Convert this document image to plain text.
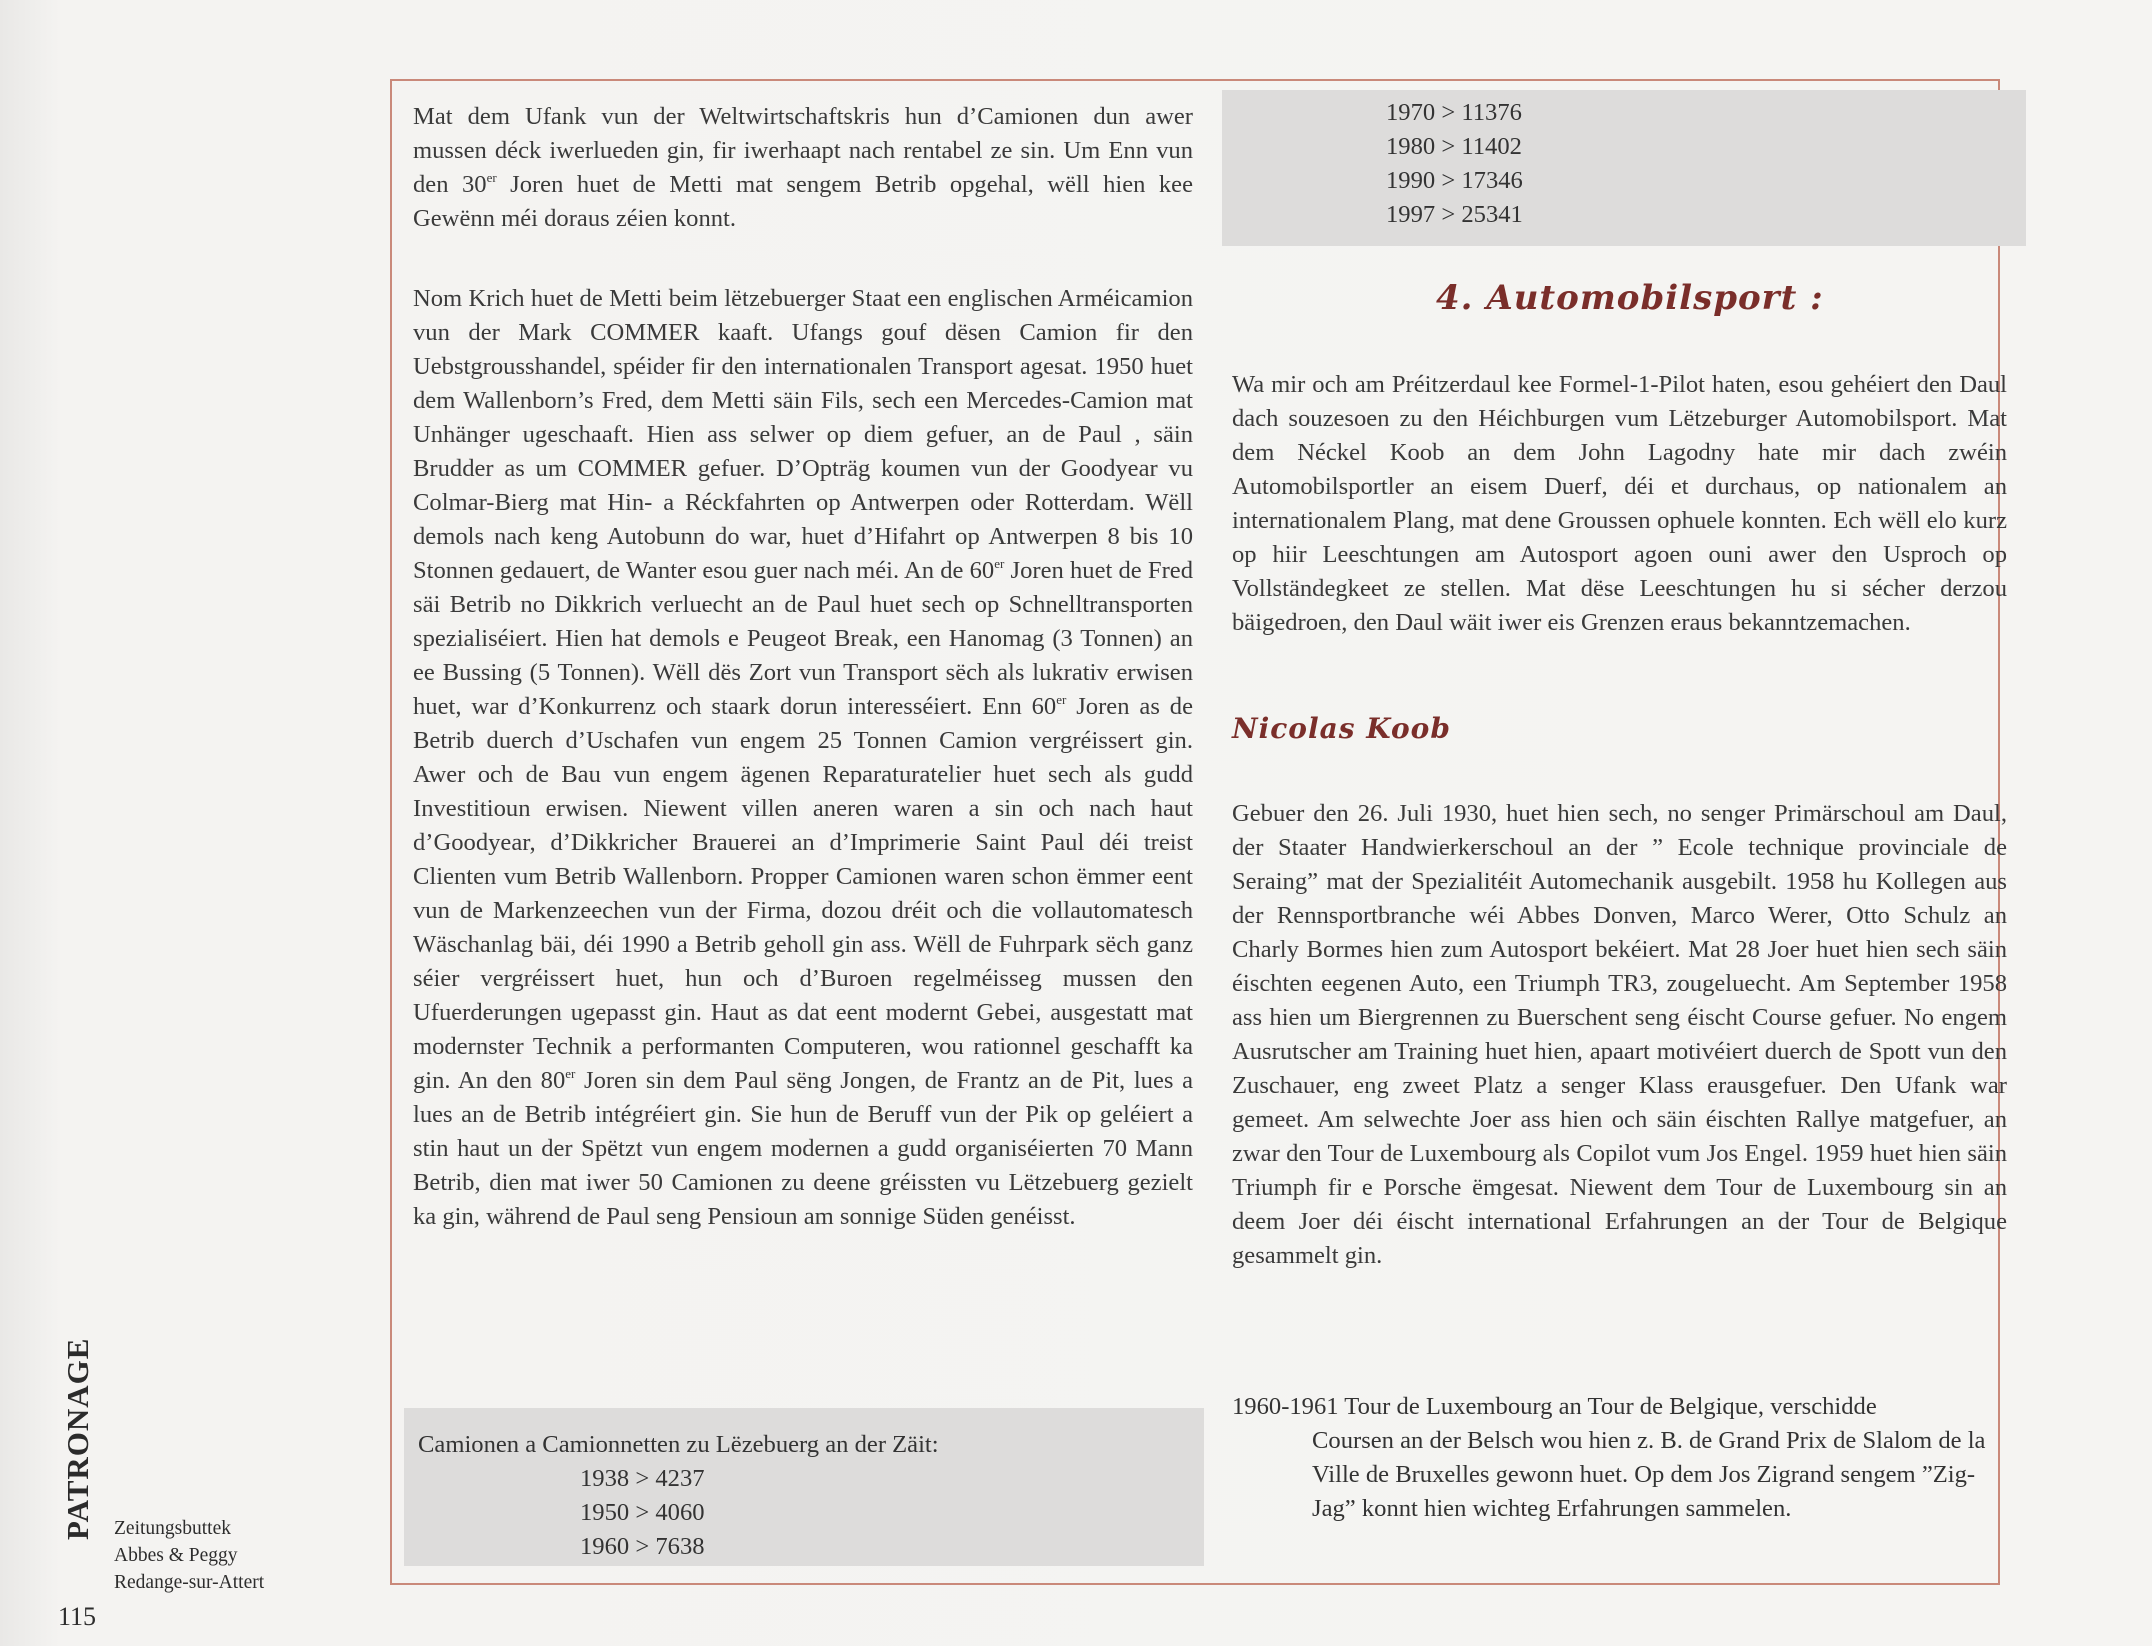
Mat dem Ufank vun der Weltwirtschaftskris hun d’Camionen dun awer mussen déck iwerlueden gin, fir iwerhaapt nach rentabel ze sin. Um Enn vun den 30er Joren huet de Metti mat sengem Betrib opgehal, wëll hien kee Gewënn méi doraus zéien konnt.

Nom Krich huet de Metti beim lëtzebuerger Staat een englischen Arméicamion vun der Mark COMMER kaaft. Ufangs gouf dësen Camion fir den Uebstgrousshandel, spéider fir den internationalen Transport agesat. 1950 huet dem Wallenborn’s Fred, dem Metti säin Fils, sech een Mercedes-Camion mat Unhänger ugeschaaft. Hien ass selwer op diem gefuer, an de Paul , säin Brudder as um COMMER gefuer. D’Opträg koumen vun der Goodyear vu Colmar-Bierg mat Hin- a Réckfahrten op Antwerpen oder Rotterdam. Wëll demols nach keng Autobunn do war, huet d’Hifahrt op Antwerpen 8 bis 10 Stonnen gedauert, de Wanter esou guer nach méi. An de 60er Joren huet de Fred säi Betrib no Dikkrich verluecht an de Paul huet sech op Schnelltransporten spezialiséiert. Hien hat demols e Peugeot Break, een Hanomag (3 Tonnen) an ee Bussing (5 Tonnen). Wëll dës Zort vun Transport sëch als lukrativ erwisen huet, war d’Konkurrenz och staark dorun interesséiert. Enn 60er Joren as de Betrib duerch d’Uschafen vun engem 25 Tonnen Camion vergréissert gin. Awer och de Bau vun engem ägenen Reparaturatelier huet sech als gudd Investitioun erwisen. Niewent villen aneren waren a sin och nach haut d’Goodyear, d’Dikkricher Brauerei an d’Imprimerie Saint Paul déi treist Clienten vum Betrib Wallenborn. Propper Camionen waren schon ëmmer eent vun de Markenzeechen vun der Firma, dozou dréit och die vollautomatesch Wäschanlag bäi, déi 1990 a Betrib geholl gin ass. Wëll de Fuhrpark sëch ganz séier vergréissert huet, hun och d’Buroen regelméisseg mussen den Ufuerderungen ugepasst gin. Haut as dat eent modernt Gebei, ausgestatt mat modernster Technik a performanten Computeren, wou rationnel geschafft ka gin. An den 80er Joren sin dem Paul sëng Jongen, de Frantz an de Pit, lues a lues an de Betrib intégréiert gin. Sie hun de Beruff vun der Pik op geléiert a stin haut un der Spëtzt vun engem modernen a gudd organiséierten 70 Mann Betrib, dien mat iwer 50 Camionen zu deene gréissten vu Lëtzebuerg gezielt ka gin, während de Paul seng Pensioun am sonnige Süden genéisst.

Camionen a Camionnetten zu Lëzebuerg an der Zäit:

1938 > 4237

1950 > 4060

1960 > 7638

1970 > 11376

1980 > 11402

1990 > 17346

1997 > 25341

4. Automobilsport :

Wa mir och am Préitzerdaul kee Formel-1-Pilot haten, esou gehéiert den Daul dach souzesoen zu den Héichburgen vum Lëtzeburger Automobilsport. Mat dem Néckel Koob an dem John Lagodny hate mir dach zwéin Automobilsportler an eisem Duerf, déi et durchaus, op nationalem an internationalem Plang, mat dene Groussen ophuele konnten. Ech wëll elo kurz op hiir Leeschtungen am Autosport agoen ouni awer den Usproch op Vollständegkeet ze stellen. Mat dëse Leeschtungen hu si sécher derzou bäigedroen, den Daul wäit iwer eis Grenzen eraus bekanntzemachen.

Nicolas Koob

Gebuer den 26. Juli 1930, huet hien sech, no senger Primärschoul am Daul, der Staater Handwierkerschoul an der ” Ecole technique provinciale de Seraing” mat der Spezialitéit Automechanik ausgebilt. 1958 hu Kollegen aus der Rennsportbranche wéi Abbes Donven, Marco Werer, Otto Schulz an Charly Bormes hien zum Autosport bekéiert. Mat 28 Joer huet hien sech säin éischten eegenen Auto, een Triumph TR3, zougeluecht. Am September 1958 ass hien um Biergrennen zu Buerschent seng éischt Course gefuer. No engem Ausrutscher am Training huet hien, apaart motivéiert duerch de Spott vun den Zuschauer, eng zweet Platz a senger Klass erausgefuer. Den Ufank war gemeet. Am selwechte Joer ass hien och säin éischten Rallye matgefuer, an zwar den Tour de Luxembourg als Copilot vum Jos Engel. 1959 huet hien säin Triumph fir e Porsche ëmgesat. Niewent dem Tour de Luxembourg sin an deem Joer déi éischt international Erfahrungen an der Tour de Belgique gesammelt gin.

1960-1961 Tour de Luxembourg an Tour de Belgique, verschidde
Coursen an der Belsch wou hien z. B. de Grand Prix de Slalom de la Ville de Bruxelles gewonn huet. Op dem Jos Zigrand sengem ”Zig-Jag” konnt hien wichteg Erfahrungen sammelen.

PATRONAGE Zeitungsbuttek
Abbes & Peggy
Redange-sur-Attert
115
